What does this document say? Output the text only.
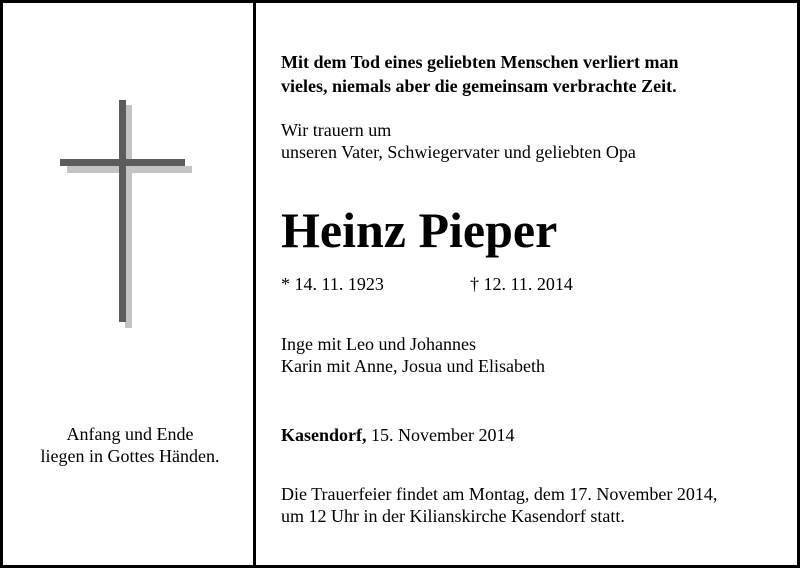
Anfang und Ende
liegen in Gottes Händen.
Mit dem Tod eines geliebten Menschen verliert man
vieles, niemals aber die gemeinsam verbrachte Zeit.
Wir trauern um
unseren Vater, Schwiegervater und geliebten Opa
Heinz Pieper
* 14. 11. 1923	† 12. 11. 2014
Inge mit Leo und Johannes
Karin mit Anne, Josua und Elisabeth
Kasendorf, 15. November 2014
Die Trauerfeier findet am Montag, dem 17. November 2014,
um 12 Uhr in der Kilianskirche Kasendorf statt.
